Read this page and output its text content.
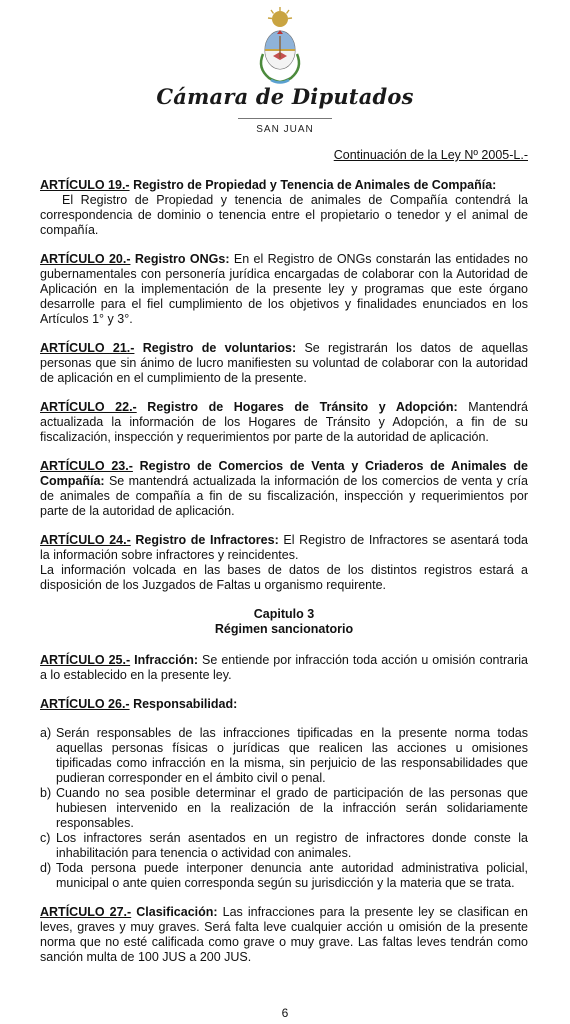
Cámara de Diputados
SAN JUAN
Continuación de la Ley Nº 2005-L.-
ARTÍCULO 19.- Registro de Propiedad y Tenencia de Animales de Compañía:
El Registro de Propiedad y tenencia de animales de Compañía contendrá la correspondencia de dominio o tenencia entre el propietario o tenedor y el animal de compañía.
ARTÍCULO 20.- Registro ONGs: En el Registro de ONGs constarán las entidades no gubernamentales con personería jurídica encargadas de colaborar con la Autoridad de Aplicación en la implementación de la presente ley y programas que este órgano desarrolle para el fiel cumplimiento de los objetivos y finalidades enunciados en los Artículos 1° y 3°.
ARTÍCULO 21.- Registro de voluntarios: Se registrarán los datos de aquellas personas que sin ánimo de lucro manifiesten su voluntad de colaborar con la autoridad de aplicación en el cumplimiento de la presente.
ARTÍCULO 22.- Registro de Hogares de Tránsito y Adopción: Mantendrá actualizada la información de los Hogares de Tránsito y Adopción, a fin de su fiscalización, inspección y requerimientos por parte de la autoridad de aplicación.
ARTÍCULO 23.- Registro de Comercios de Venta y Criaderos de Animales de Compañía: Se mantendrá actualizada la información de los comercios de venta y cría de animales de compañía a fin de su fiscalización, inspección y requerimientos por parte de la autoridad de aplicación.
ARTÍCULO 24.- Registro de Infractores: El Registro de Infractores se asentará toda la información sobre infractores y reincidentes.
La información volcada en las bases de datos de los distintos registros estará a disposición de los Juzgados de Faltas u organismo requirente.
Capitulo 3
Régimen sancionatorio
ARTÍCULO 25.- Infracción: Se entiende por infracción toda acción u omisión contraria a lo establecido en la presente ley.
ARTÍCULO 26.- Responsabilidad:
a) Serán responsables de las infracciones tipificadas en la presente norma todas aquellas personas físicas o jurídicas que realicen las acciones u omisiones tipificadas como infracción en la misma, sin perjuicio de las responsabilidades que pudieran corresponder en el ámbito civil o penal.
b) Cuando no sea posible determinar el grado de participación de las personas que hubiesen intervenido en la realización de la infracción serán solidariamente responsables.
c) Los infractores serán asentados en un registro de infractores donde conste la inhabilitación para tenencia o actividad con animales.
d) Toda persona puede interponer denuncia ante autoridad administrativa policial, municipal o ante quien corresponda según su jurisdicción y la materia que se trata.
ARTÍCULO 27.- Clasificación: Las infracciones para la presente ley se clasifican en leves, graves y muy graves. Será falta leve cualquier acción u omisión de la presente norma que no esté calificada como grave o muy grave. Las faltas leves tendrán como sanción multa de 100 JUS a 200 JUS.
6
